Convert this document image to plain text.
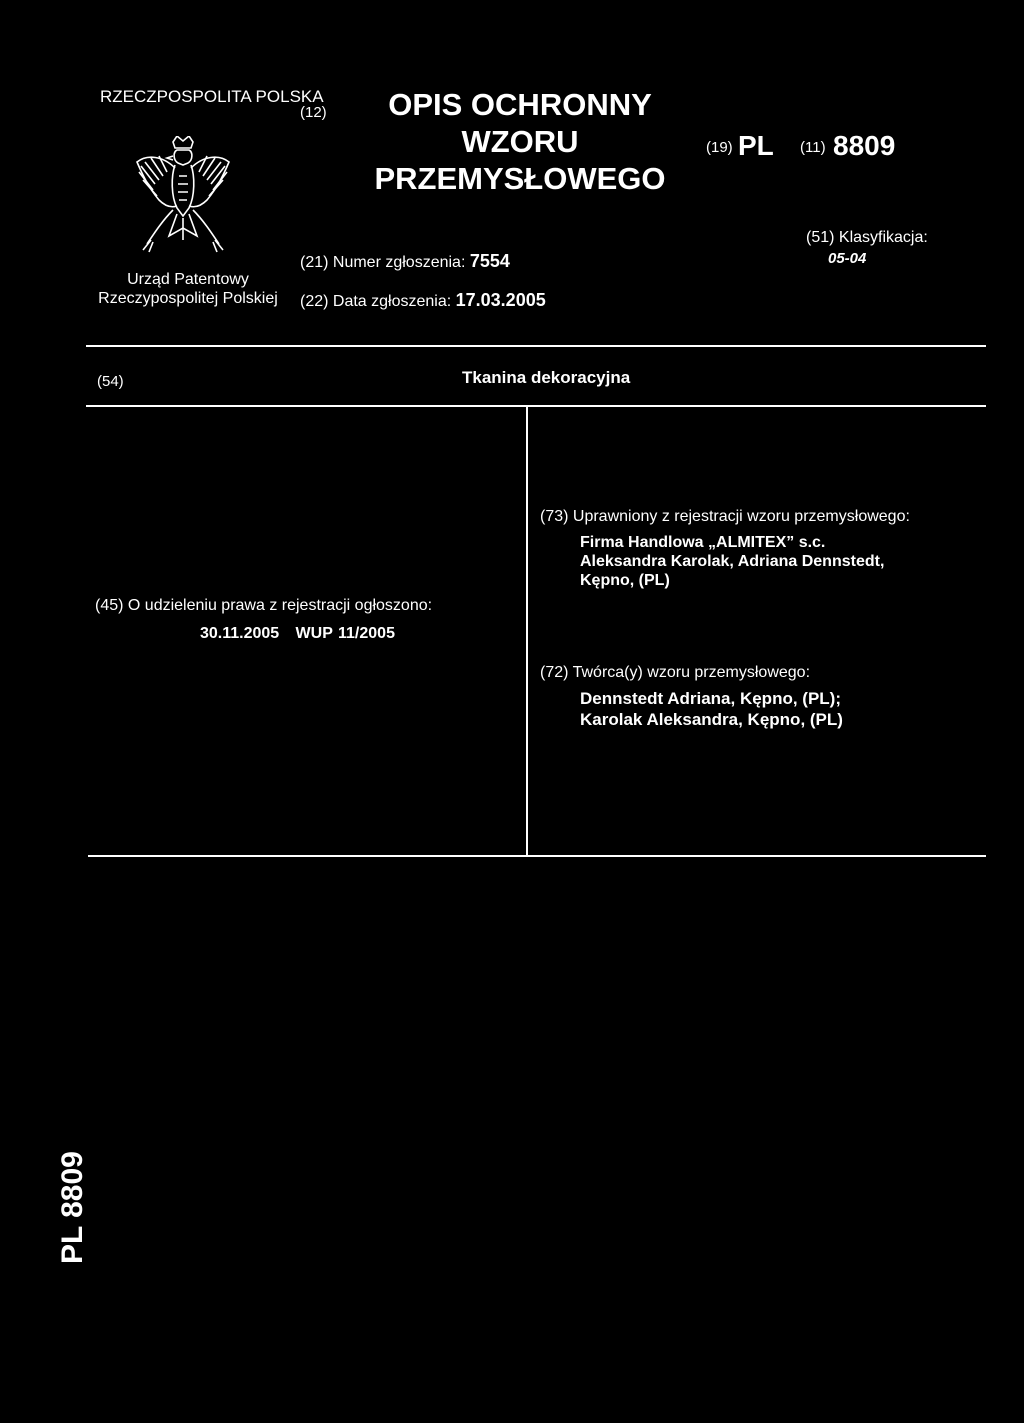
RZECZPOSPOLITA POLSKA
Urząd Patentowy
Rzeczypospolitej Polskiej
(12)	OPIS OCHRONNY
WZORU
PRZEMYSŁOWEGO
(21) Numer zgłoszenia: 7554
(22) Data zgłoszenia: 17.03.2005
(19) PL (11) 8809
(51) Klasyfikacja:
05-04
(54)	Tkanina dekoracyjna
(45) O udzieleniu prawa z rejestracji ogłoszono:
30.11.2005   WUP 11/2005
(73) Uprawniony z rejestracji wzoru przemysłowego:
Firma Handlowa „ALMITEX” s.c.
Aleksandra Karolak, Adriana Dennstedt,
Kępno, (PL)
(72) Twórca(y) wzoru przemysłowego:
Dennstedt Adriana, Kępno, (PL);
Karolak Aleksandra, Kępno, (PL)
PL 8809
